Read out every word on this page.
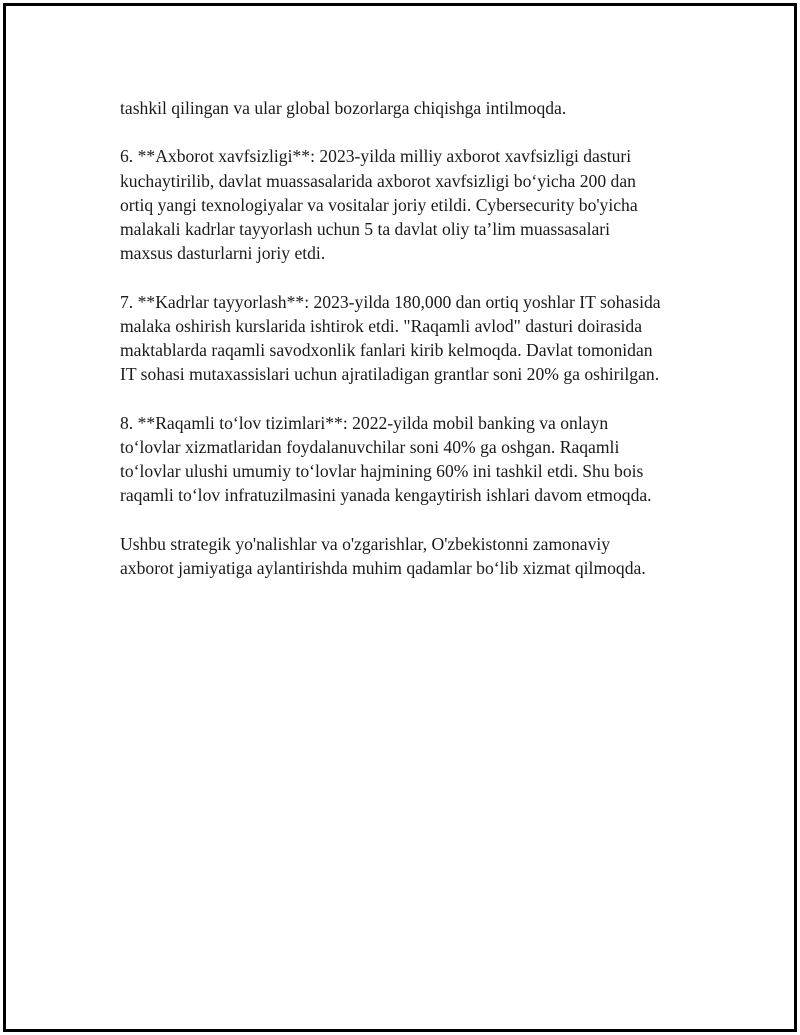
tashkil qilingan va ular global bozorlarga chiqishga intilmoqda.

6. **Axborot xavfsizligi**: 2023-yilda milliy axborot xavfsizligi dasturi
kuchaytirilib, davlat muassasalarida axborot xavfsizligi bo‘yicha 200 dan
ortiq yangi texnologiyalar va vositalar joriy etildi. Cybersecurity bo'yicha
malakali kadrlar tayyorlash uchun 5 ta davlat oliy ta’lim muassasalari
maxsus dasturlarni joriy etdi.

7. **Kadrlar tayyorlash**: 2023-yilda 180,000 dan ortiq yoshlar IT sohasida
malaka oshirish kurslarida ishtirok etdi. "Raqamli avlod" dasturi doirasida
maktablarda raqamli savodxonlik fanlari kirib kelmoqda. Davlat tomonidan
IT sohasi mutaxassislari uchun ajratiladigan grantlar soni 20% ga oshirilgan.

8. **Raqamli to‘lov tizimlari**: 2022-yilda mobil banking va onlayn
to‘lovlar xizmatlaridan foydalanuvchilar soni 40% ga oshgan. Raqamli
to‘lovlar ulushi umumiy to‘lovlar hajmining 60% ini tashkil etdi. Shu bois
raqamli to‘lov infratuzilmasini yanada kengaytirish ishlari davom etmoqda.

Ushbu strategik yo'nalishlar va o'zgarishlar, O'zbekistonni zamonaviy
axborot jamiyatiga aylantirishda muhim qadamlar bo‘lib xizmat qilmoqda.
